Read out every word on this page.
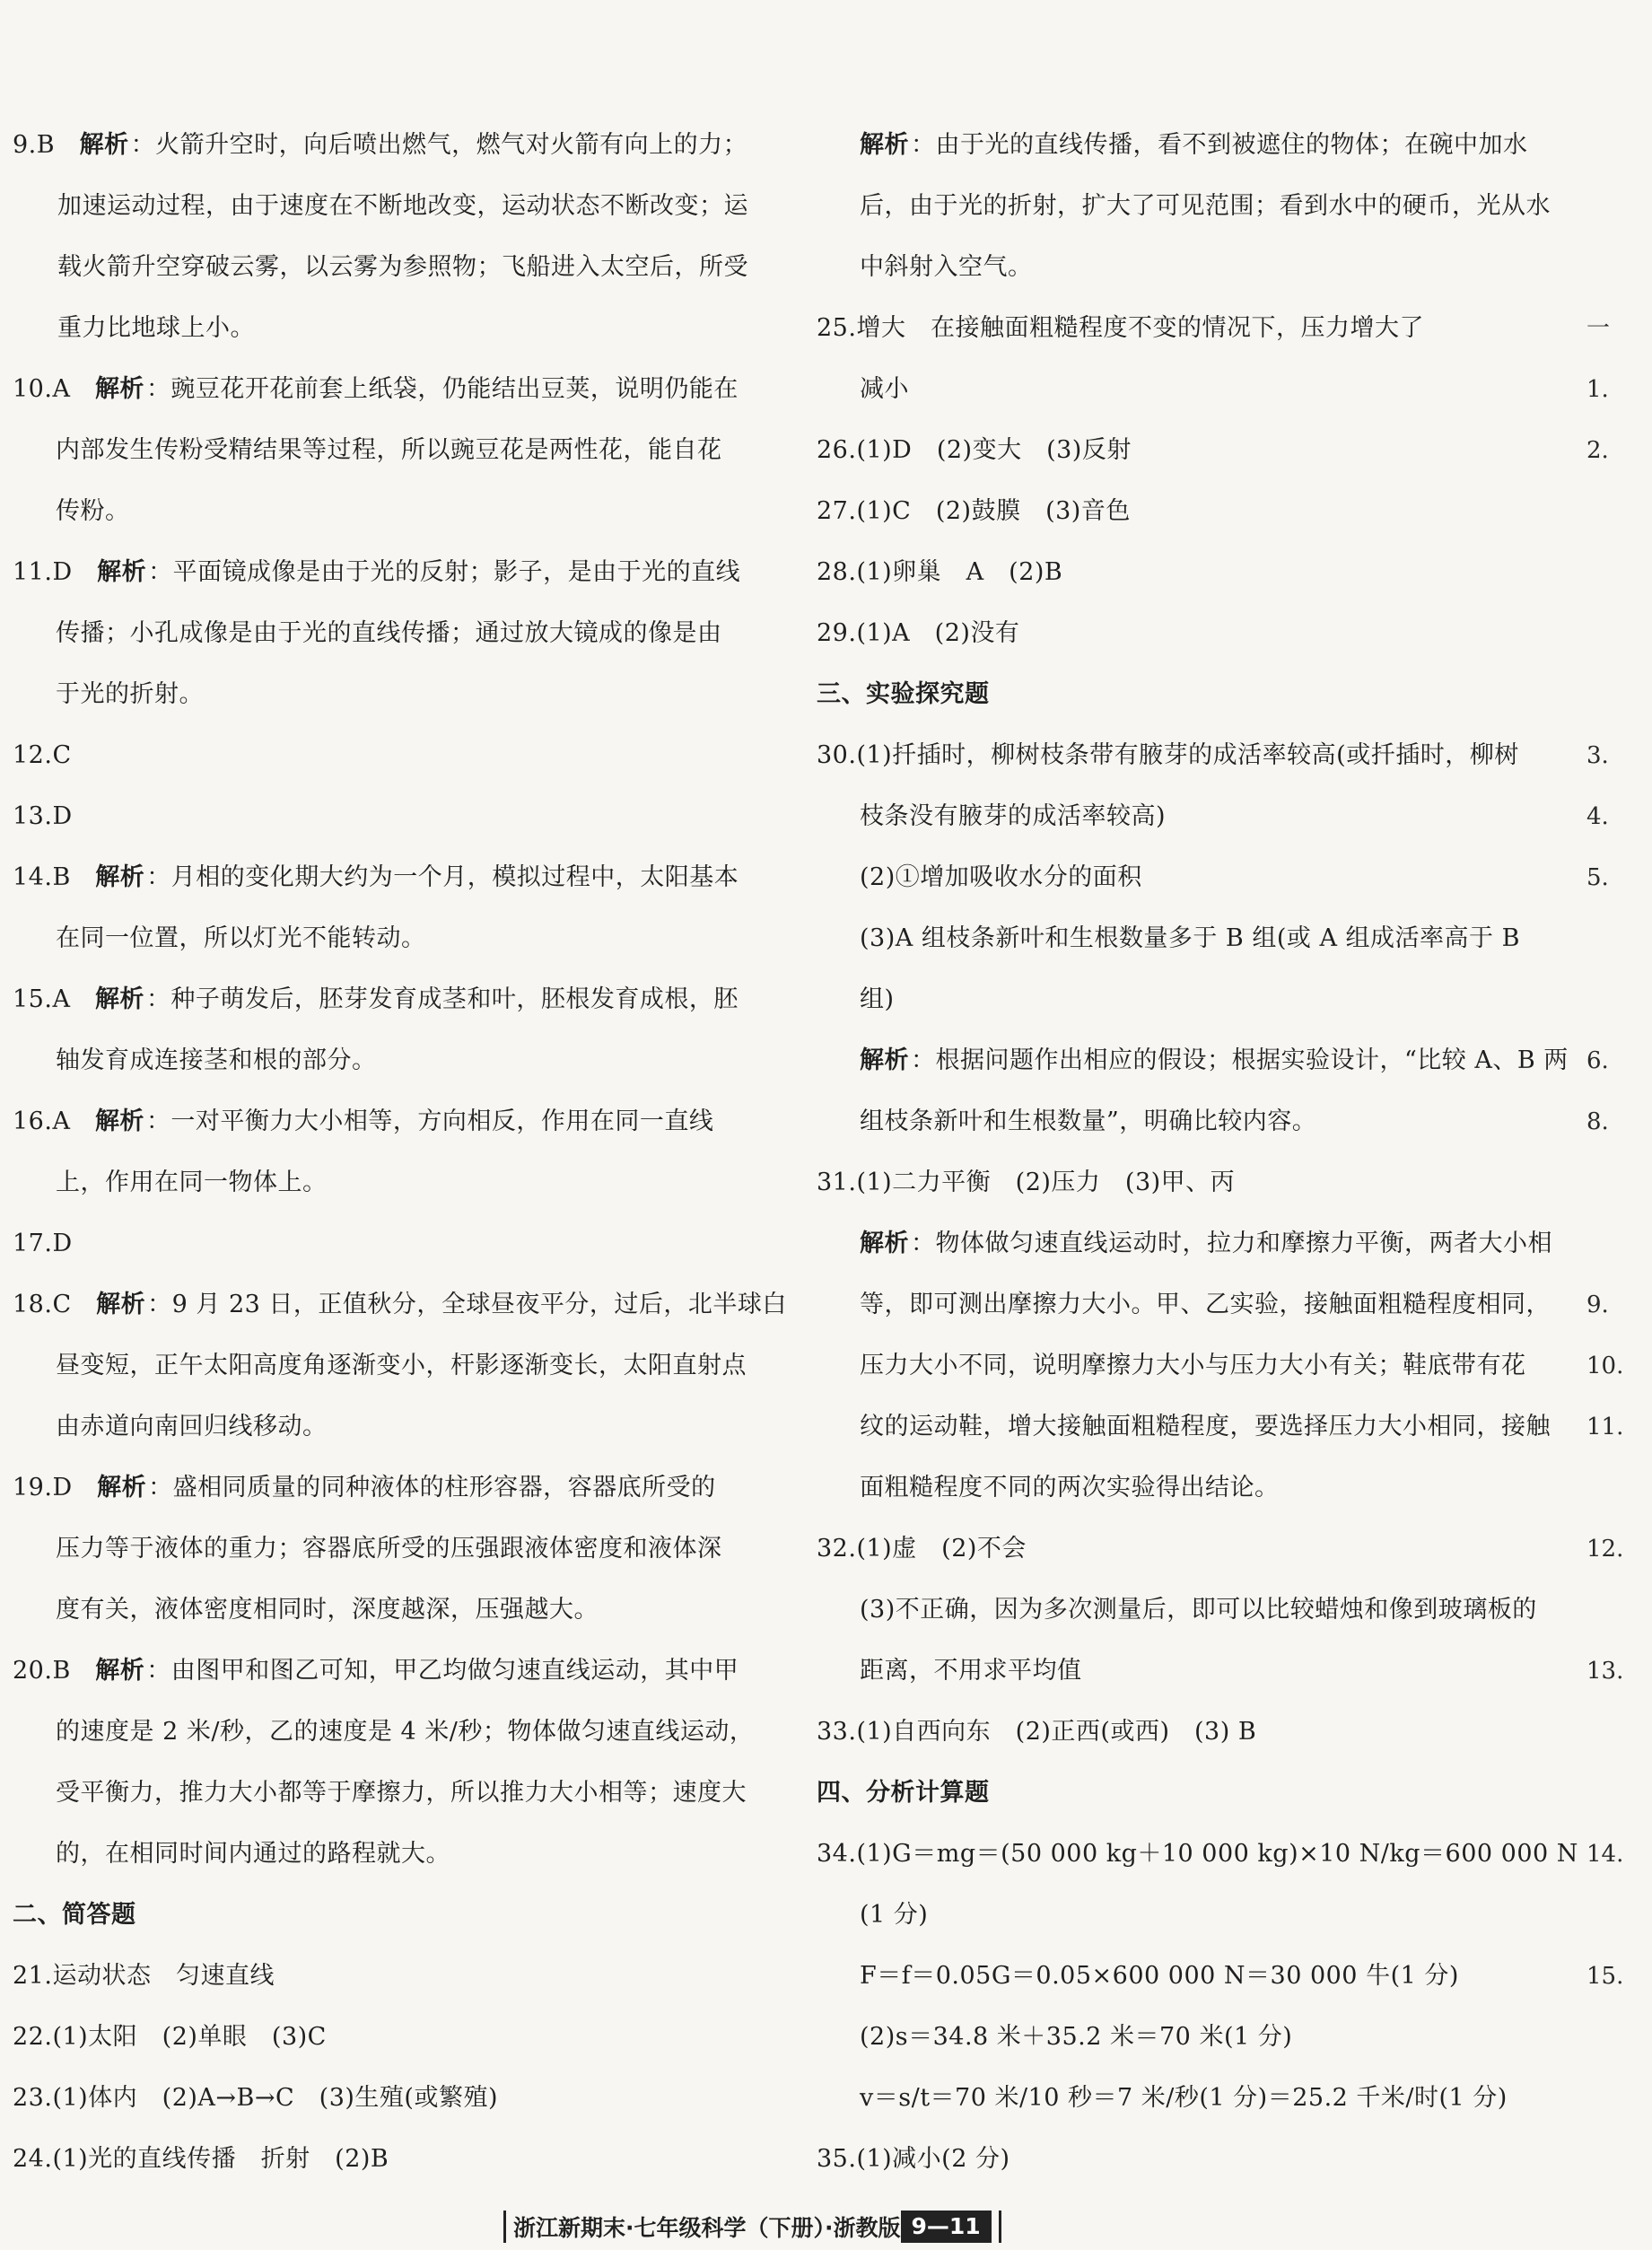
9.B　解析：火箭升空时，向后喷出燃气，燃气对火箭有向上的力；
加速运动过程，由于速度在不断地改变，运动状态不断改变；运
载火箭升空穿破云雾，以云雾为参照物；飞船进入太空后，所受
重力比地球上小。
10.A　解析：豌豆花开花前套上纸袋，仍能结出豆荚，说明仍能在
内部发生传粉受精结果等过程，所以豌豆花是两性花，能自花
传粉。
11.D　解析：平面镜成像是由于光的反射；影子，是由于光的直线
传播；小孔成像是由于光的直线传播；通过放大镜成的像是由
于光的折射。
12.C
13.D
14.B　解析：月相的变化期大约为一个月，模拟过程中，太阳基本
在同一位置，所以灯光不能转动。
15.A　解析：种子萌发后，胚芽发育成茎和叶，胚根发育成根，胚
轴发育成连接茎和根的部分。
16.A　解析：一对平衡力大小相等，方向相反，作用在同一直线
上，作用在同一物体上。
17.D
18.C　解析：9 月 23 日，正值秋分，全球昼夜平分，过后，北半球白
昼变短，正午太阳高度角逐渐变小，杆影逐渐变长，太阳直射点
由赤道向南回归线移动。
19.D　解析：盛相同质量的同种液体的柱形容器，容器底所受的
压力等于液体的重力；容器底所受的压强跟液体密度和液体深
度有关，液体密度相同时，深度越深，压强越大。
20.B　解析：由图甲和图乙可知，甲乙均做匀速直线运动，其中甲
的速度是 2 米/秒，乙的速度是 4 米/秒；物体做匀速直线运动，
受平衡力，推力大小都等于摩擦力，所以推力大小相等；速度大
的，在相同时间内通过的路程就大。
二、简答题
21.运动状态　匀速直线
22.(1)太阳　(2)单眼　(3)C
23.(1)体内　(2)A→B→C　(3)生殖(或繁殖)
24.(1)光的直线传播　折射　(2)B
解析：由于光的直线传播，看不到被遮住的物体；在碗中加水
后，由于光的折射，扩大了可见范围；看到水中的硬币，光从水
中斜射入空气。
25.增大　在接触面粗糙程度不变的情况下，压力增大了
减小
26.(1)D　(2)变大　(3)反射
27.(1)C　(2)鼓膜　(3)音色
28.(1)卵巢　A　(2)B
29.(1)A　(2)没有
三、实验探究题
30.(1)扦插时，柳树枝条带有腋芽的成活率较高(或扦插时，柳树
枝条没有腋芽的成活率较高)
(2)①增加吸收水分的面积
(3)A 组枝条新叶和生根数量多于 B 组(或 A 组成活率高于 B
组)
解析：根据问题作出相应的假设；根据实验设计，“比较 A、B 两
组枝条新叶和生根数量”，明确比较内容。
31.(1)二力平衡　(2)压力　(3)甲、丙
解析：物体做匀速直线运动时，拉力和摩擦力平衡，两者大小相
等，即可测出摩擦力大小。甲、乙实验，接触面粗糙程度相同，
压力大小不同，说明摩擦力大小与压力大小有关；鞋底带有花
纹的运动鞋，增大接触面粗糙程度，要选择压力大小相同，接触
面粗糙程度不同的两次实验得出结论。
32.(1)虚　(2)不会
(3)不正确，因为多次测量后，即可以比较蜡烛和像到玻璃板的
距离，不用求平均值
33.(1)自西向东　(2)正西(或西)　(3) B
四、分析计算题
34.(1)G＝mg＝(50 000 kg＋10 000 kg)×10 N/kg＝600 000 N
(1 分)
F＝f＝0.05G＝0.05×600 000 N＝30 000 牛(1 分)
(2)s＝34.8 米＋35.2 米＝70 米(1 分)
v＝s/t＝70 米/10 秒＝7 米/秒(1 分)＝25.2 千米/时(1 分)
35.(1)减小(2 分)
一
1.
2.
3.
4.
5.
6.
8.
9.
10.
11.
12.
13.
14.
15.
浙江新期末·七年级科学（下册）·浙教版 9—11
